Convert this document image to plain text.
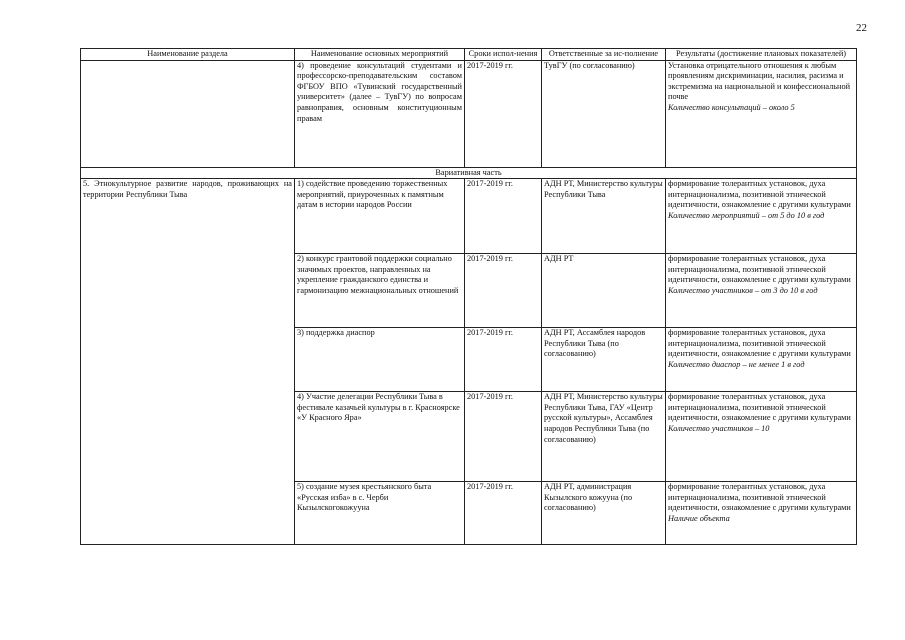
22
Наименование раздела	Наименование основных мероприятий	Сроки испол-нения	Ответственные за ис-полнение	Результаты (достижение плановых показателей)
	4) проведение консультаций студентами и профессорско-преподавательским составом ФГБОУ ВПО «Тувинский государственный университет» (далее – ТувГУ) по вопросам равноправия, основным конституционным правам	2017-2019 гг.	ТувГУ (по согласованию)	Установка отрицательного отношения к любым проявлениям дискриминации, насилия, расизма и экстремизма на национальной и конфессиональной почве
Количество консультаций – около 5

Вариативная часть				
5. Этнокультурное развитие народов, проживающих на территории Республики Тыва	1) содействие проведению торжественных мероприятий, приуроченных к памятным датам в истории народов России	2017-2019 гг.	АДН РТ, Министерство культуры Республики Тыва	формирование толерантных установок, духа интернационализма, позитивной этнической идентичности, ознакомление с другими культурами
Количество мероприятий – от 5 до 10 в год

	2) конкурс грантовой поддержки социально значимых проектов, направленных на укрепление гражданского единства и гармонизацию межнациональных отношений	2017-2019 гг.	АДН РТ	формирование толерантных установок, духа интернационализма, позитивной этнической идентичности, ознакомление с другими культурами
Количество участников – от 3 до 10 в год

	3) поддержка диаспор	2017-2019 гг.	АДН РТ, Ассамблея народов Республики Тыва (по согласованию)	формирование толерантных установок, духа интернационализма, позитивной этнической идентичности, ознакомление с другими культурами
Количество диаспор – не менее 1 в год

	4) Участие делегации Республики Тыва в фестивале казачьей культуры в г. Красноярске «У Красного Яра»	2017-2019 гг.	АДН РТ, Министерство культуры Республики Тыва, ГАУ «Центр русской культуры», Ассамблея народов Республики Тыва (по согласованию)	формирование толерантных установок, духа интернационализма, позитивной этнической идентичности, ознакомление с другими культурами
Количество участников – 10

	5) создание музея крестьянского быта «Русская изба» в с. Черби Кызылскогокожууна	2017-2019 гг.	АДН РТ, администрация Кызылского кожууна (по согласованию)	формирование толерантных установок, духа интернационализма, позитивной этнической идентичности, ознакомление с другими культурами
Наличие объекта
